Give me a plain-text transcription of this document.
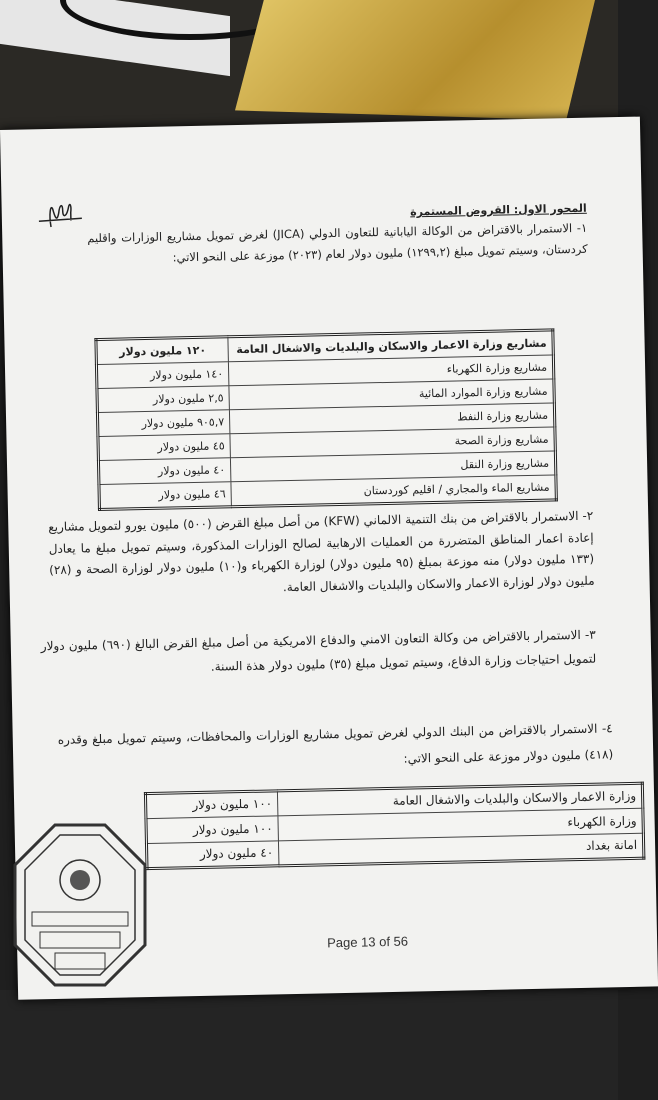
المحور الاول: القروض المستمرة
١- الاستمرار بالاقتراض من الوكالة اليابانية للتعاون الدولي (JICA) لغرض تمويل مشاريع الوزارات واقليم كردستان، وسيتم تمويل مبلغ (١٢٩٩,٢) مليون دولار لعام (٢٠٢٣) موزعة على النحو الاتي:
مشاريع وزارة الاعمار والاسكان والبلديات والاشغال العامة	١٢٠ مليون دولار
مشاريع وزارة الكهرباء	١٤٠ مليون دولار
مشاريع وزارة الموارد المائية	٢,٥ مليون دولار
مشاريع وزارة النفط	٩٠٥,٧ مليون دولار
مشاريع وزارة الصحة	٤٥ مليون دولار
مشاريع وزارة النقل	٤٠ مليون دولار
مشاريع الماء والمجاري / اقليم كوردستان	٤٦ مليون دولار
٢- الاستمرار بالاقتراض من بنك التنمية الالماني (KFW) من أصل مبلغ القرض (٥٠٠) مليون يورو لتمويل مشاريع إعادة اعمار المناطق المتضررة من العمليات الارهابية لصالح الوزارات المذكورة، وسيتم تمويل مبلغ ما يعادل (١٣٣ مليون دولار) منه موزعة بمبلغ (٩٥ مليون دولار) لوزارة الكهرباء و(١٠) مليون دولار لوزارة الصحة و (٢٨) مليون دولار لوزارة الاعمار والاسكان والبلديات والاشغال العامة.
٣- الاستمرار بالاقتراض من وكالة التعاون الامني والدفاع الامريكية من أصل مبلغ القرض البالغ (٦٩٠) مليون دولار لتمويل احتياجات وزارة الدفاع، وسيتم تمويل مبلغ (٣٥) مليون دولار هذة السنة.
٤- الاستمرار بالاقتراض من البنك الدولي لغرض تمويل مشاريع الوزارات والمحافظات، وسيتم تمويل مبلغ وقدره (٤١٨) مليون دولار موزعة على النحو الاتي:
وزارة الاعمار والاسكان والبلديات والاشغال العامة	١٠٠ مليون دولار
وزارة الكهرباء	١٠٠ مليون دولار
امانة بغداد	٤٠ مليون دولار
Page 13 of 56
